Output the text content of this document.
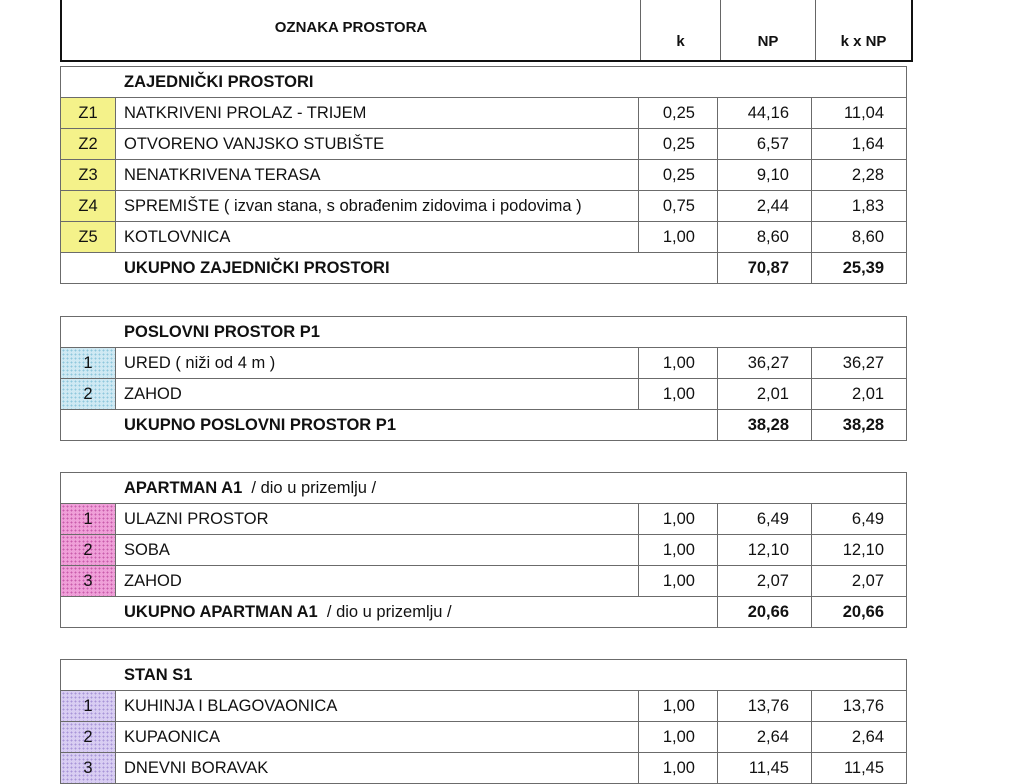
OZNAKA PROSTORA	k	NP	k x NP
ZAJEDNIČKI PROSTORI				
Z1	NATKRIVENI PROLAZ - TRIJEM	0,25	44,16	11,04
Z2	OTVORENO VANJSKO STUBIŠTE	0,25	6,57	1,64
Z3	NENATKRIVENA TERASA	0,25	9,10	2,28
Z4	SPREMIŠTE ( izvan stana, s obrađenim zidovima i podovima )	0,75	2,44	1,83
Z5	KOTLOVNICA	1,00	8,60	8,60
UKUPNO ZAJEDNIČKI PROSTORI			70,87	25,39
POSLOVNI PROSTOR P1				
1	URED ( niži od 4 m )	1,00	36,27	36,27
2	ZAHOD	1,00	2,01	2,01
UKUPNO POSLOVNI PROSTOR P1			38,28	38,28
APARTMAN A1  / dio u prizemlju /				
1	ULAZNI PROSTOR	1,00	6,49	6,49
2	SOBA	1,00	12,10	12,10
3	ZAHOD	1,00	2,07	2,07
UKUPNO APARTMAN A1  / dio u prizemlju /			20,66	20,66
STAN S1				
1	KUHINJA I BLAGOVAONICA	1,00	13,76	13,76
2	KUPAONICA	1,00	2,64	2,64
3	DNEVNI BORAVAK	1,00	11,45	11,45
